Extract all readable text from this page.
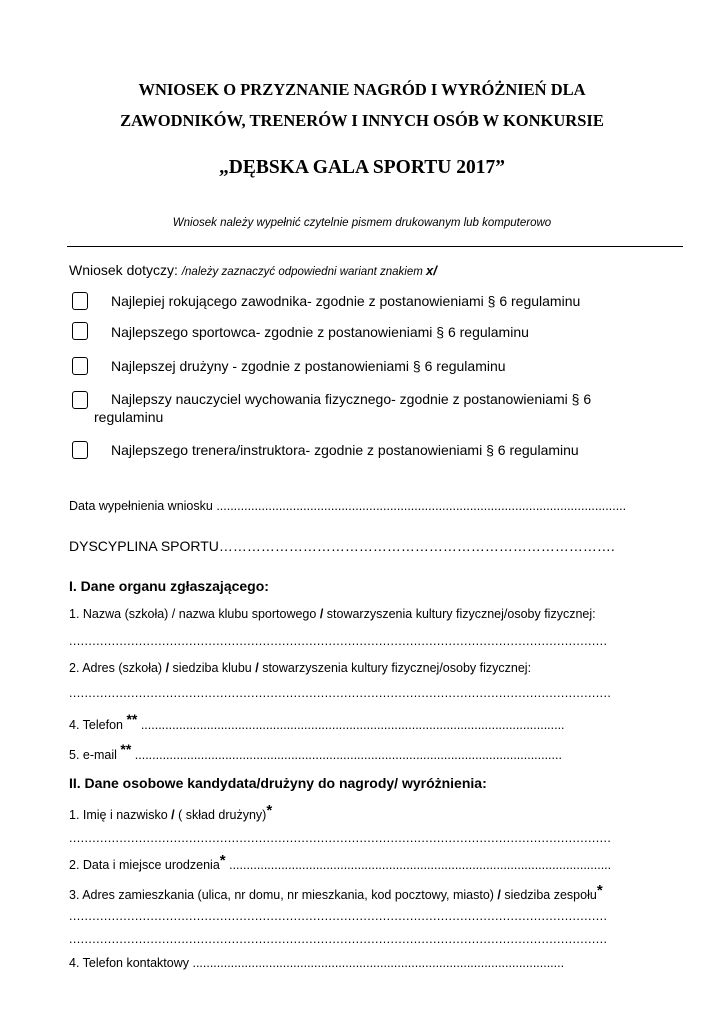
WNIOSEK O PRZYZNANIE NAGRÓD I WYRÓŻNIEŃ DLA
ZAWODNIKÓW, TRENERÓW I INNYCH OSÓB W KONKURSIE
„DĘBSKA GALA SPORTU 2017”
Wniosek należy wypełnić czytelnie pismem drukowanym lub komputerowo
Wniosek dotyczy: /należy zaznaczyć odpowiedni wariant znakiem x/
Najlepiej rokującego zawodnika- zgodnie z postanowieniami § 6 regulaminu
Najlepszego sportowca- zgodnie z postanowieniami § 6 regulaminu
Najlepszej drużyny - zgodnie z postanowieniami § 6 regulaminu
Najlepszy nauczyciel wychowania fizycznego- zgodnie z postanowieniami § 6
regulaminu
Najlepszego trenera/instruktora- zgodnie z postanowieniami § 6 regulaminu
Data wypełnienia wniosku ......................................................................................................................
DYSCYPLINA SPORTU………………………………………………………………………….
I. Dane organu zgłaszającego:
1. Nazwa (szkoła) / nazwa klubu sportowego / stowarzyszenia kultury fizycznej/osoby fizycznej:
...........................................................................................................................................
2. Adres (szkoła) / siedziba klubu / stowarzyszenia kultury fizycznej/osoby fizycznej:
............................................................................................................................................
4. Telefon ** ..........................................................................................................................
5. e-mail ** ...........................................................................................................................
II. Dane osobowe kandydata/drużyny do nagrody/ wyróżnienia:
1. Imię i nazwisko / ( skład drużyny)*
............................................................................................................................................
2. Data i miejsce urodzenia* ..............................................................................................................
3. Adres zamieszkania (ulica, nr domu, nr mieszkania, kod pocztowy, miasto) / siedziba zespołu*
...........................................................................................................................................
...........................................................................................................................................
4. Telefon kontaktowy ...........................................................................................................
